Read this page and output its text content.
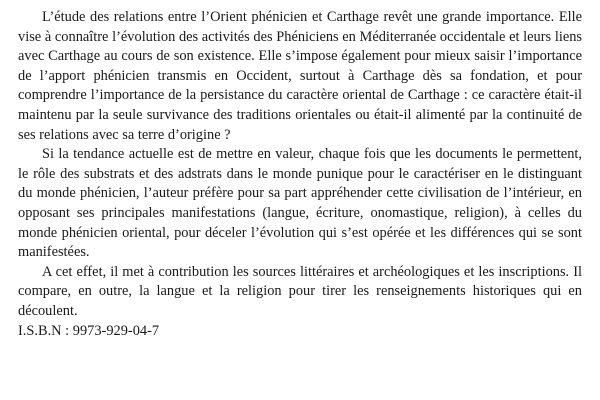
L’étude des relations entre l’Orient phénicien et Carthage revêt une grande importance. Elle vise à connaître l’évolution des activités des Phéniciens en Méditerranée occidentale et leurs liens avec Carthage au cours de son existence. Elle s’impose également pour mieux saisir l’importance de l’apport phénicien transmis en Occident, surtout à Carthage dès sa fondation, et pour comprendre l’importance de la persistance du caractère oriental de Carthage : ce caractère était-il maintenu par la seule survivance des traditions orientales ou était-il alimenté par la continuité de ses relations avec sa terre d’origine ?

Si la tendance actuelle est de mettre en valeur, chaque fois que les documents le permettent, le rôle des substrats et des adstrats dans le monde punique pour le caractériser en le distinguant du monde phénicien, l’auteur préfère pour sa part appréhender cette civilisation de l’intérieur, en opposant ses principales manifestations (langue, écriture, onomastique, religion), à celles du monde phénicien oriental, pour déceler l’évolution qui s’est opérée et les différences qui se sont manifestées.

A cet effet, il met à contribution les sources littéraires et archéologiques et les inscriptions. Il compare, en outre, la langue et la religion pour tirer les renseignements historiques qui en découlent.

I.S.B.N : 9973-929-04-7
